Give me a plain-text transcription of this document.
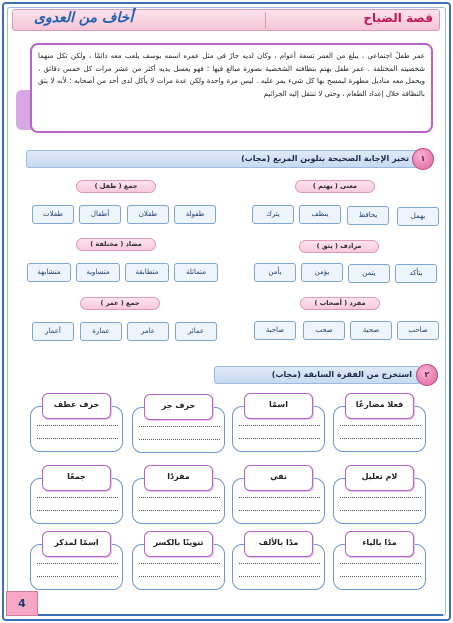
قصة الضباح
أخاف من العدوى
عمر طفلٌ اجتماعي ، يبلغ من العمر تسعة أعوام ، وكان لديه جارٌ في مثل عمره اسمه يوسف يلعب معه دائمًا ، ولكن تكل منهما شخصيته المختلفة . عمر طفل يهتم بنظافته الشخصية بصورة مبالغ فيها ؛ فهو يغسل يديه أكثر من عشر مرات كل خمس دقائق ، ويحمل معه مناديل مطهرة ليمسح بها كل شيء يمر عليه . ليس مرة واحدة ولكن عدة مرات لا يأكل لدى أحد من أصحابه ؛ لأنه لا يثق بالنظافة خلال إعداد الطعام ، وحتى لا تنتقل إليه الجراثيم
تخير الإجابة الصحيحة بتلوين المربع (مجاب)	١
معنى ( يهتم )
يهمل
يحافظ
ينظف
يترك
مرادف ( يثق )
يتأكد
يتمن
يؤمن
يأمن
مفرد ( أصحاب )
صاحب
صحبة
صحب
صاحبة
جمع ( طفل )
طفولة
طفلان
أطفال
طفلات
مضاد ( مختلفة )
متماثلة
متطابقة
متساوية
متشابهة
جمع ( عمر )
عمائر
عامر
عمارة
أعمار
استخرج من الفقرة السابقة (مجاب)	٢
فعلا مضارعًا
اسمًا
حرف جر
حرف عطف
لام تعليل
نفي
مفردًا
جمعًا
مدًا بالياء
مدًا بالألف
تنوينًا بالكسر
اسمًا لمذكر
4
